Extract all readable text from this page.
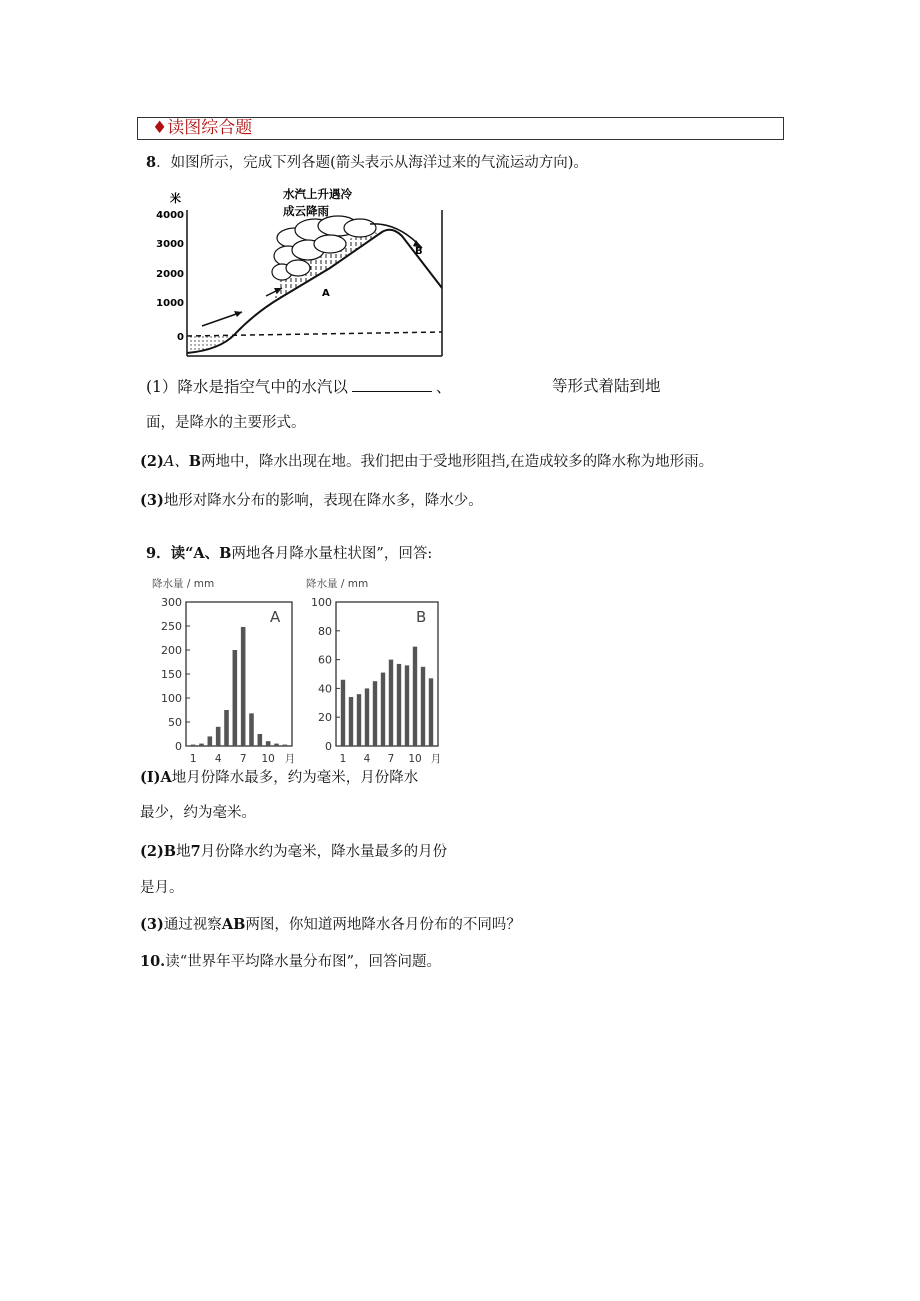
♦读图综合题
8．如图所示，完成下列各题(箭头表示从海洋过来的气流运动方向)。
米
4000
3000
2000
1000
0
水汽上升遇冷
成云降雨
A
B
(1）降水是指空气中的水汽以	、	等形式着陆到地
面，是降水的主要形式。
(2)A、B两地中，降水出现在地。我们把由于受地形阻挡,在造成较多的降水称为地形雨。
(3)地形对降水分布的影响，表现在降水多，降水少。
9．读“A、B两地各月降水量柱状图”，回答:
降水量 / mm
300
250
200
150
100
50
0
1 4 7 10 月
A
降水量 / mm
100
80
60
40
20
0
1 4 7 10 月
B
(I)A地月份降水最多，约为毫米，月份降水
最少，约为毫米。
(2)B地7月份降水约为毫米，降水量最多的月份
是月。
(3)通过视察AB两图，你知道两地降水各月份布的不同吗？
10.读“世界年平均降水量分布图”，回答问题。
